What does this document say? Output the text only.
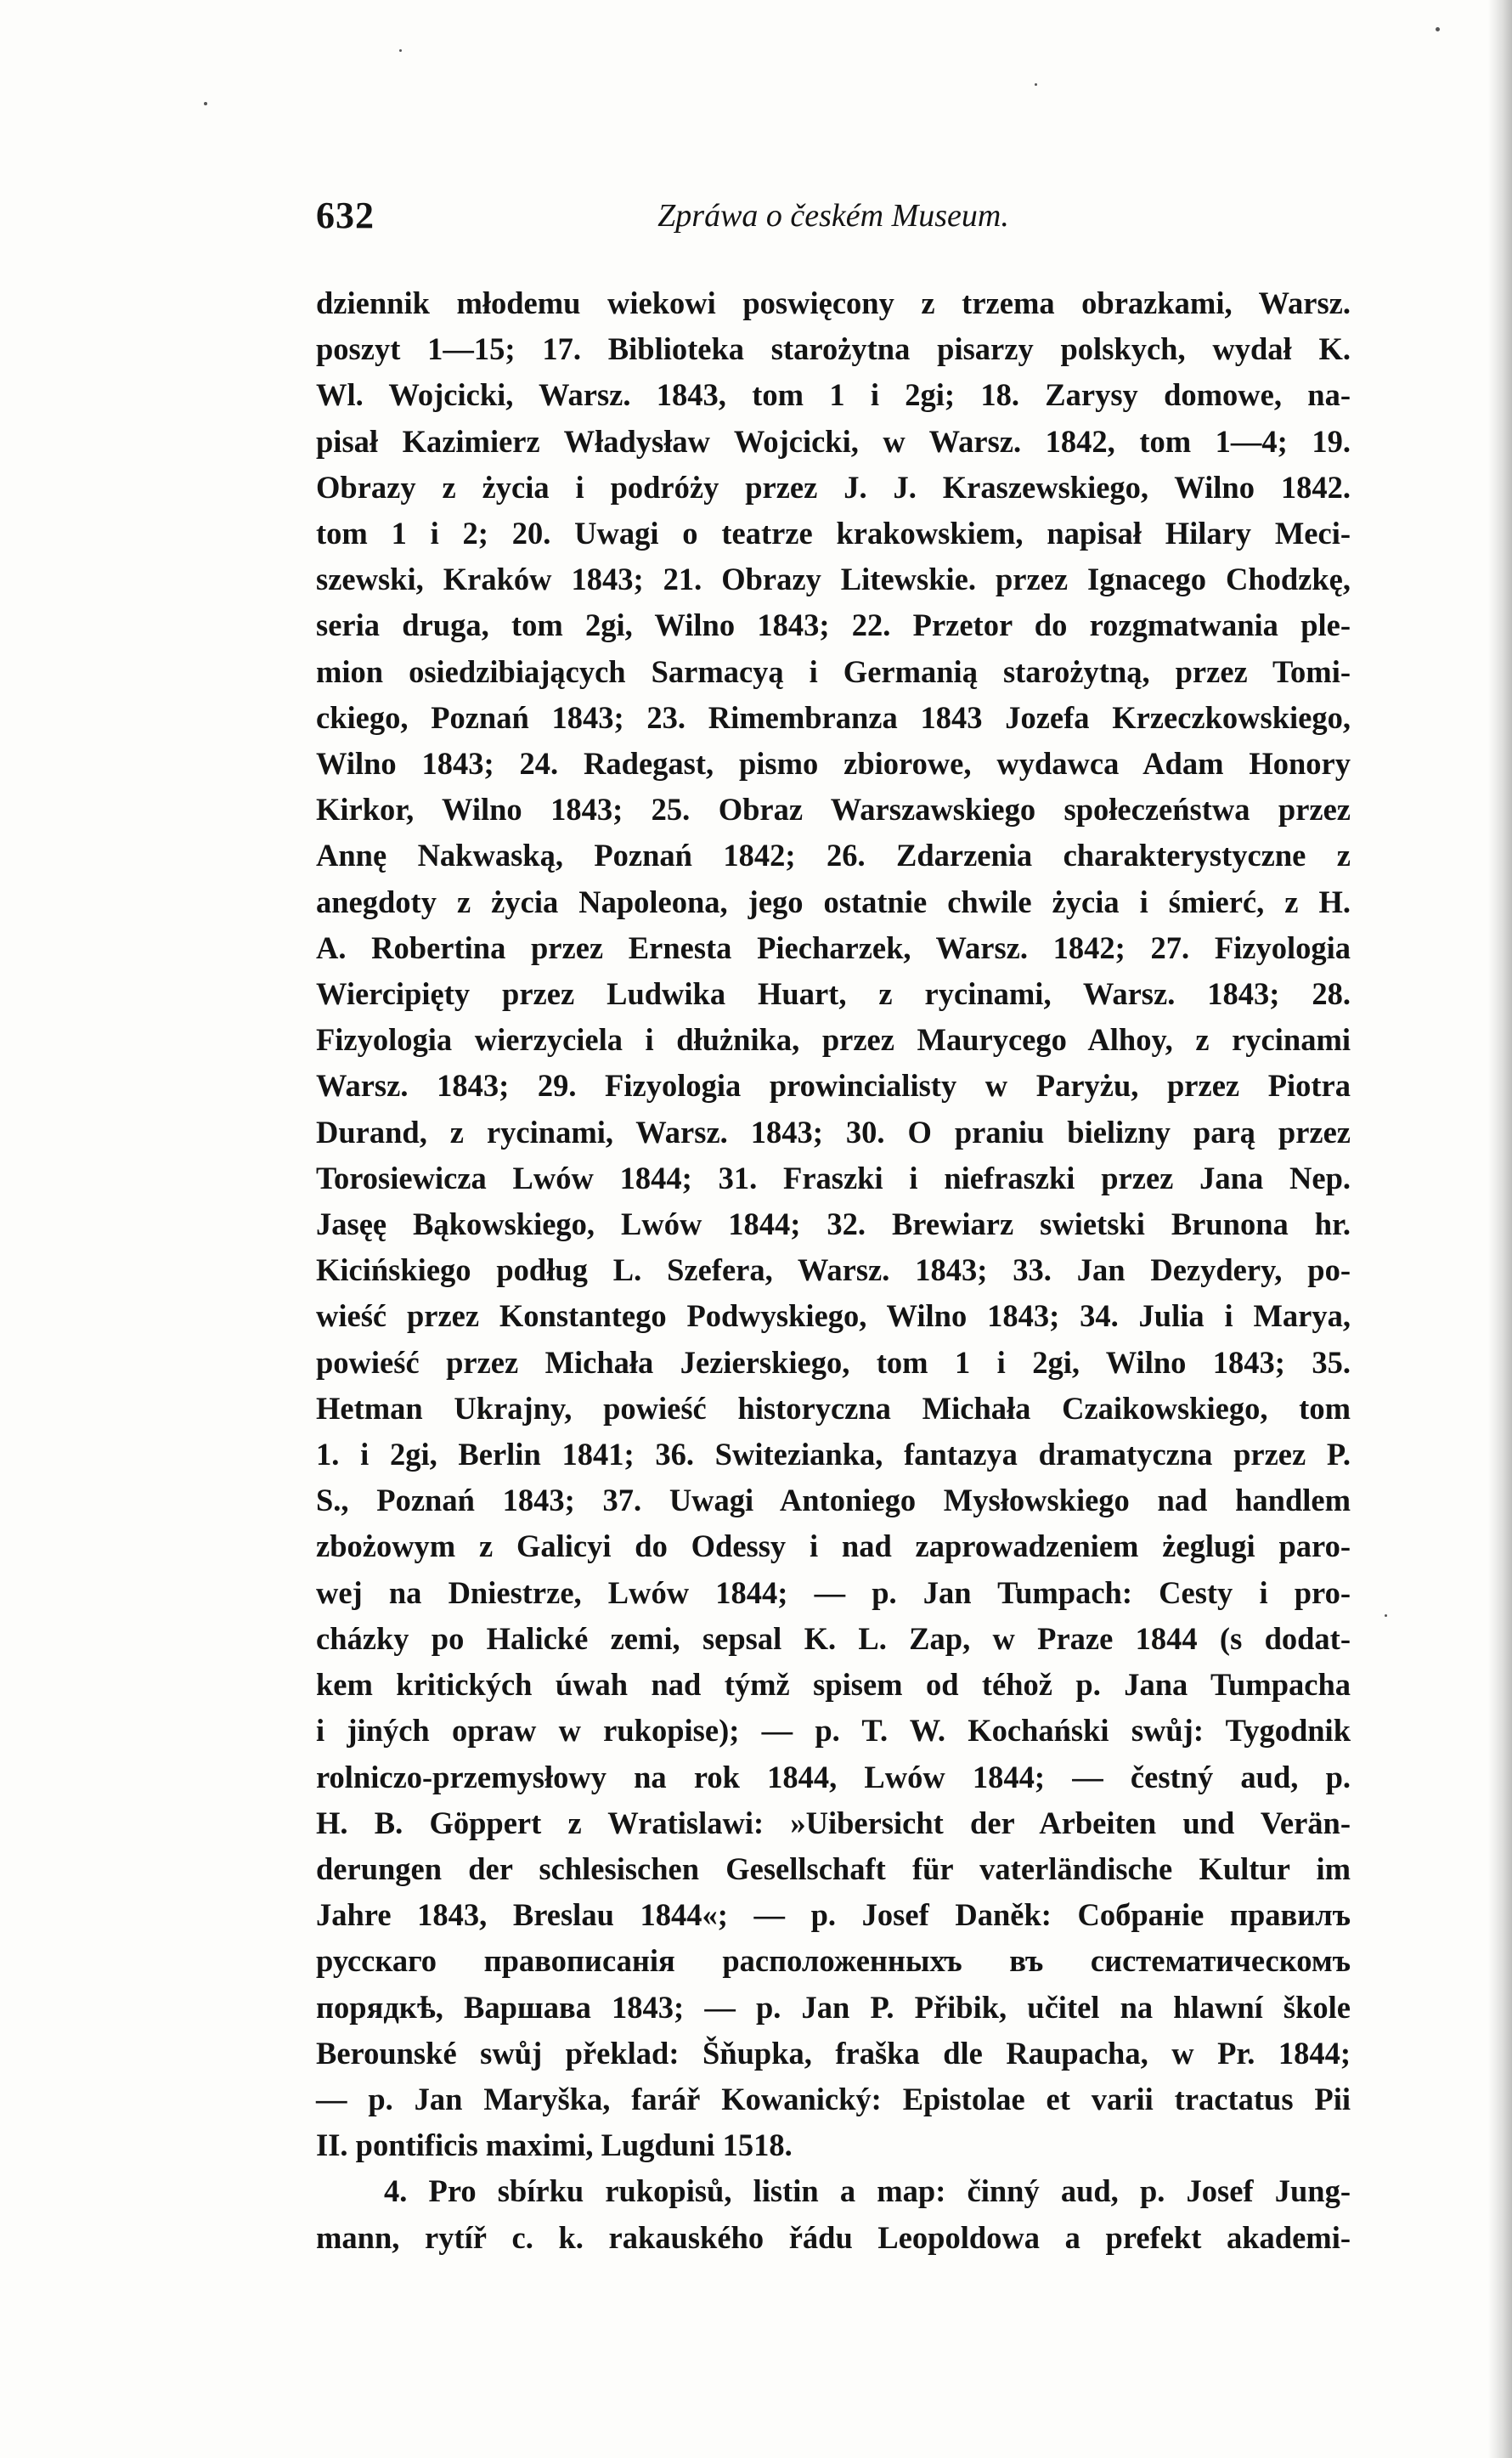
632	Zpráwa o českém Museum.
dziennik młodemu wiekowi poswięcony z trzema obrazkami, Warsz.
poszyt 1—15; 17. Biblioteka starożytna pisarzy polskych, wydał K.
Wl. Wojcicki, Warsz. 1843, tom 1 i 2gi; 18. Zarysy domowe, na-
pisał Kazimierz Władysław Wojcicki, w Warsz. 1842, tom 1—4; 19.
Obrazy z życia i podróży przez J. J. Kraszewskiego, Wilno 1842.
tom 1 i 2; 20. Uwagi o teatrze krakowskiem, napisał Hilary Meci-
szewski, Kraków 1843; 21. Obrazy Litewskie. przez Ignacego Chodzkę,
seria druga, tom 2gi, Wilno 1843; 22. Przetor do rozgmatwania ple-
mion osiedzibiających Sarmacyą i Germanią starożytną, przez Tomi-
ckiego, Poznań 1843; 23. Rimembranza 1843 Jozefa Krzeczkowskiego,
Wilno 1843; 24. Radegast, pismo zbiorowe, wydawca Adam Honory
Kirkor, Wilno 1843; 25. Obraz Warszawskiego społeczeństwa przez
Annę Nakwaską, Poznań 1842; 26. Zdarzenia charakterystyczne z
anegdoty z życia Napoleona, jego ostatnie chwile życia i śmierć, z H.
A. Robertina przez Ernesta Piecharzek, Warsz. 1842; 27. Fizyologia
Wiercipięty przez Ludwika Huart, z rycinami, Warsz. 1843; 28.
Fizyologia wierzyciela i dłużnika, przez Maurycego Alhoy, z rycinami
Warsz. 1843; 29. Fizyologia prowincialisty w Paryżu, przez Piotra
Durand, z rycinami, Warsz. 1843; 30. O praniu bielizny parą przez
Torosiewicza Lwów 1844; 31. Fraszki i niefraszki przez Jana Nep.
Jasęę Bąkowskiego, Lwów 1844; 32. Brewiarz swietski Brunona hr.
Kicińskiego podług L. Szefera, Warsz. 1843; 33. Jan Dezydery, po-
wieść przez Konstantego Podwyskiego, Wilno 1843; 34. Julia i Marya,
powieść przez Michała Jezierskiego, tom 1 i 2gi, Wilno 1843; 35.
Hetman Ukrajny, powieść historyczna Michała Czaikowskiego, tom
1. i 2gi, Berlin 1841; 36. Switezianka, fantazya dramatyczna przez P.
S., Poznań 1843; 37. Uwagi Antoniego Mysłowskiego nad handlem
zbożowym z Galicyi do Odessy i nad zaprowadzeniem żeglugi paro-
wej na Dniestrze, Lwów 1844; — p. Jan Tumpach: Cesty i pro-
cházky po Halické zemi, sepsal K. L. Zap, w Praze 1844 (s dodat-
kem kritických úwah nad týmž spisem od téhož p. Jana Tumpacha
i jiných opraw w rukopise); — p. T. W. Kochański swůj: Tygodnik
rolniczo-przemysłowy na rok 1844, Lwów 1844; — čestný aud, p.
H. B. Göppert z Wratislawi: »Uibersicht der Arbeiten und Verän-
derungen der schlesischen Gesellschaft für vaterländische Kultur im
Jahre 1843, Breslau 1844«; — p. Josef Daněk: Собранiе правилъ
русскаго правописанiя расположенныхъ въ систематическомъ
порядкѣ, Варшава 1843; — p. Jan P. Přibik, učitel na hlawní škole
Berounské swůj překlad: Šňupka, fraška dle Raupacha, w Pr. 1844;
— p. Jan Maryška, farář Kowanický: Epistolae et varii tractatus Pii
II. pontificis maximi, Lugduni 1518.
4. Pro sbírku rukopisů, listin a map: činný aud, p. Josef Jung-
mann, rytíř c. k. rakauského řádu Leopoldowa a prefekt akademi-
